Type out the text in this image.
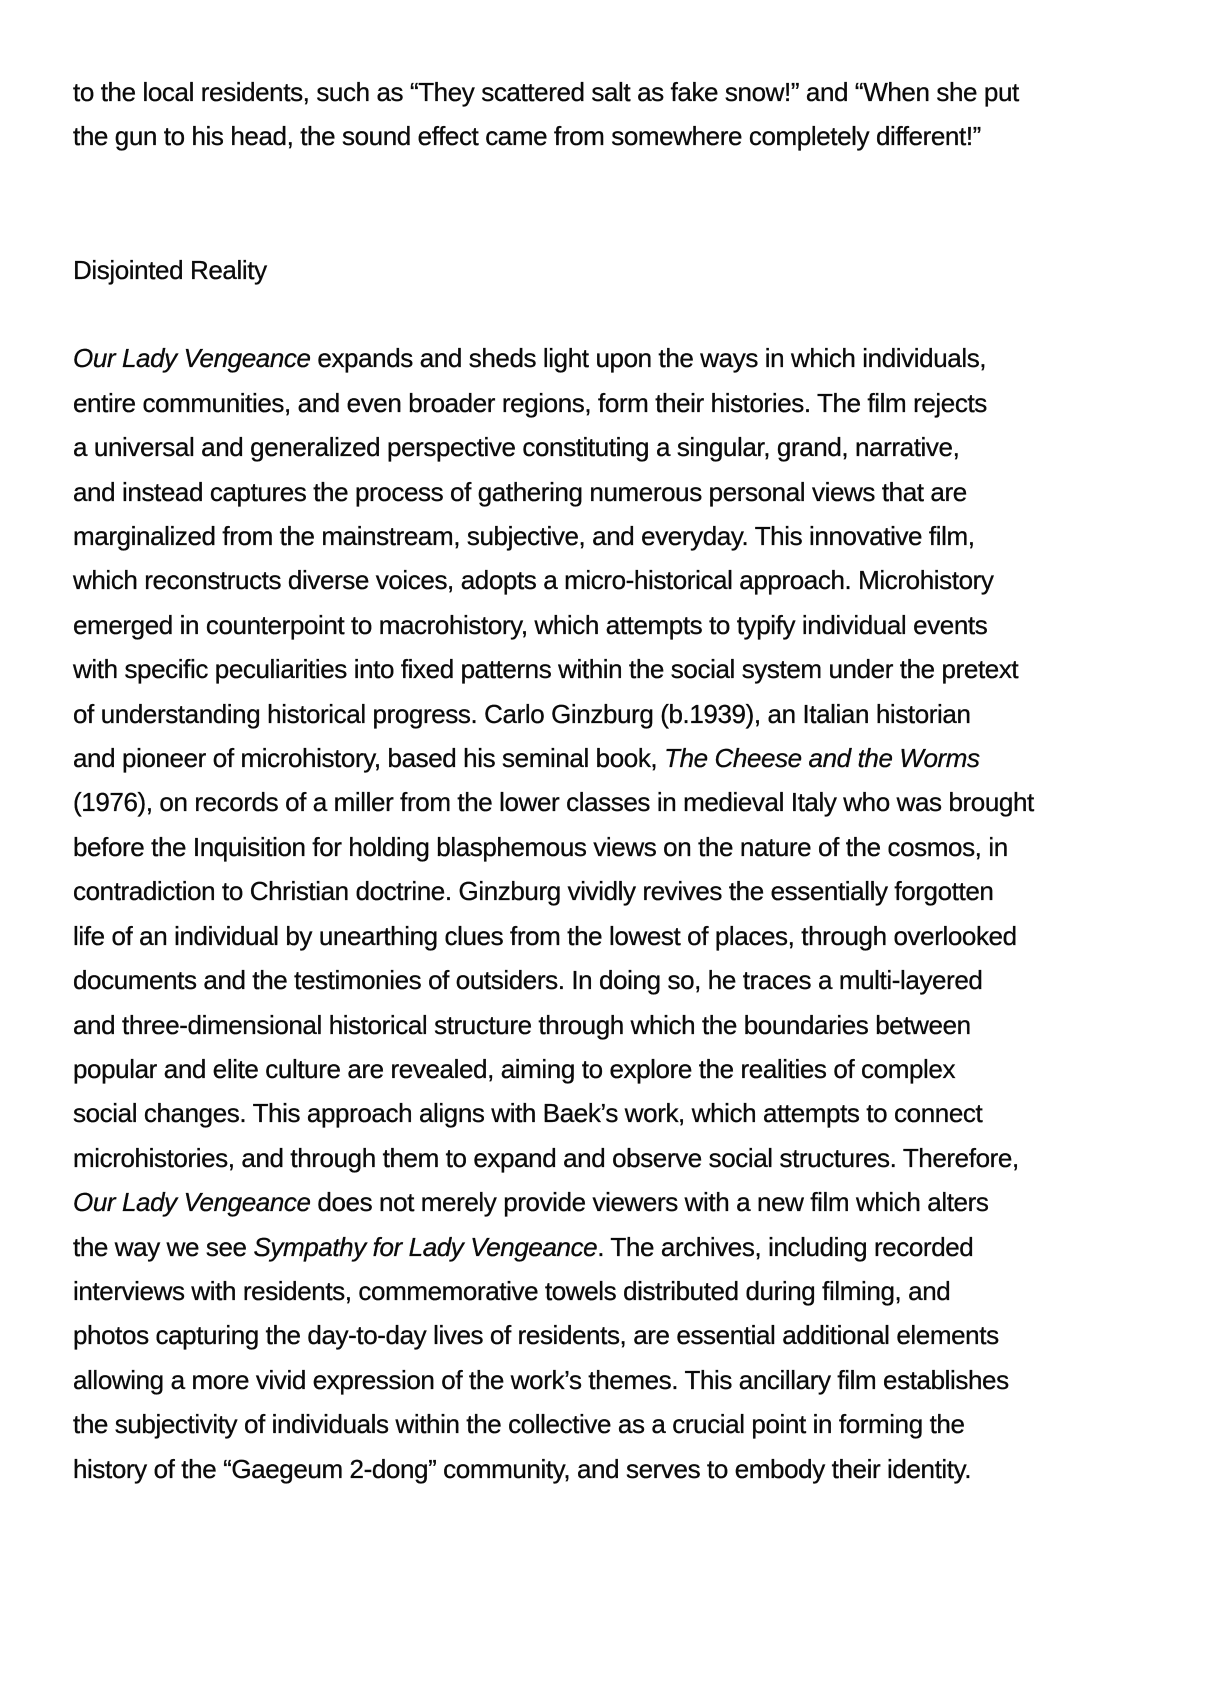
to the local residents, such as “They scattered salt as fake snow!” and “When she put
the gun to his head, the sound effect came from somewhere completely different!”
Disjointed Reality
Our Lady Vengeance expands and sheds light upon the ways in which individuals,
entire communities, and even broader regions, form their histories. The film rejects
a universal and generalized perspective constituting a singular, grand, narrative,
and instead captures the process of gathering numerous personal views that are
marginalized from the mainstream, subjective, and everyday. This innovative film,
which reconstructs diverse voices, adopts a micro-historical approach. Microhistory
emerged in counterpoint to macrohistory, which attempts to typify individual events
with specific peculiarities into fixed patterns within the social system under the pretext
of understanding historical progress. Carlo Ginzburg (b.1939), an Italian historian
and pioneer of microhistory, based his seminal book, The Cheese and the Worms
(1976), on records of a miller from the lower classes in medieval Italy who was brought
before the Inquisition for holding blasphemous views on the nature of the cosmos, in
contradiction to Christian doctrine. Ginzburg vividly revives the essentially forgotten
life of an individual by unearthing clues from the lowest of places, through overlooked
documents and the testimonies of outsiders. In doing so, he traces a multi-layered
and three-dimensional historical structure through which the boundaries between
popular and elite culture are revealed, aiming to explore the realities of complex
social changes. This approach aligns with Baek’s work, which attempts to connect
microhistories, and through them to expand and observe social structures. Therefore,
Our Lady Vengeance does not merely provide viewers with a new film which alters
the way we see Sympathy for Lady Vengeance. The archives, including recorded
interviews with residents, commemorative towels distributed during filming, and
photos capturing the day-to-day lives of residents, are essential additional elements
allowing a more vivid expression of the work’s themes. This ancillary film establishes
the subjectivity of individuals within the collective as a crucial point in forming the
history of the “Gaegeum 2-dong” community, and serves to embody their identity.
